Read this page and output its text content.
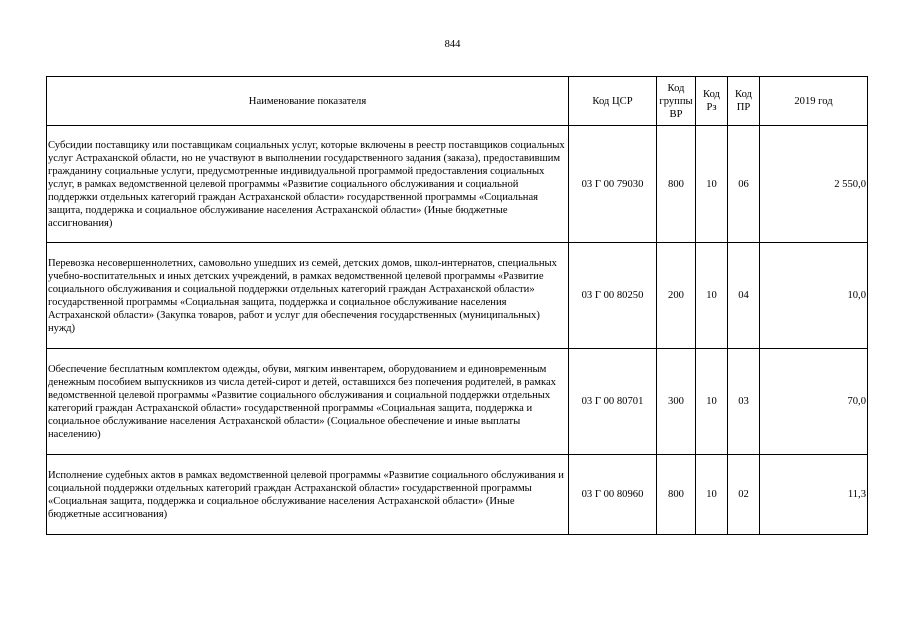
844
Наименование показателя	Код ЦСР	Код группы ВР	Код Рз	Код ПР	2019 год
Субсидии поставщику или поставщикам социальных услуг, которые включены в реестр поставщиков социальных услуг Астраханской области, но не участвуют в выполнении государственного задания (заказа), предоставившим гражданину социальные услуги, предусмотренные индивидуальной программой предоставления социальных услуг, в рамках ведомственной целевой программы «Развитие социального обслуживания и социальной поддержки отдельных категорий граждан Астраханской области» государственной программы «Социальная защита, поддержка и социальное обслуживание населения Астраханской области» (Иные бюджетные ассигнования)	03 Г 00 79030	800	10	06	2 550,0
Перевозка несовершеннолетних, самовольно ушедших из семей, детских домов, школ-интернатов, специальных учебно-воспитательных и иных детских учреждений, в рамках ведомственной целевой программы «Развитие социального обслуживания и социальной поддержки отдельных категорий граждан Астраханской области» государственной программы «Социальная защита, поддержка и социальное обслуживание населения Астраханской области» (Закупка товаров, работ и услуг для обеспечения государственных (муниципальных) нужд)	03 Г 00 80250	200	10	04	10,0
Обеспечение бесплатным комплектом одежды, обуви, мягким инвентарем, оборудованием и единовременным денежным пособием выпускников из числа детей-сирот и детей, оставшихся без попечения родителей, в рамках ведомственной целевой программы «Развитие социального обслуживания и социальной поддержки отдельных категорий граждан Астраханской области» государственной программы «Социальная защита, поддержка и социальное обслуживание населения Астраханской области» (Социальное обеспечение и иные выплаты населению)	03 Г 00 80701	300	10	03	70,0
Исполнение судебных актов в рамках ведомственной целевой программы «Развитие социального обслуживания и социальной поддержки отдельных категорий граждан Астраханской области» государственной программы «Социальная защита, поддержка и социальное обслуживание населения Астраханской области» (Иные бюджетные ассигнования)	03 Г 00 80960	800	10	02	11,3
